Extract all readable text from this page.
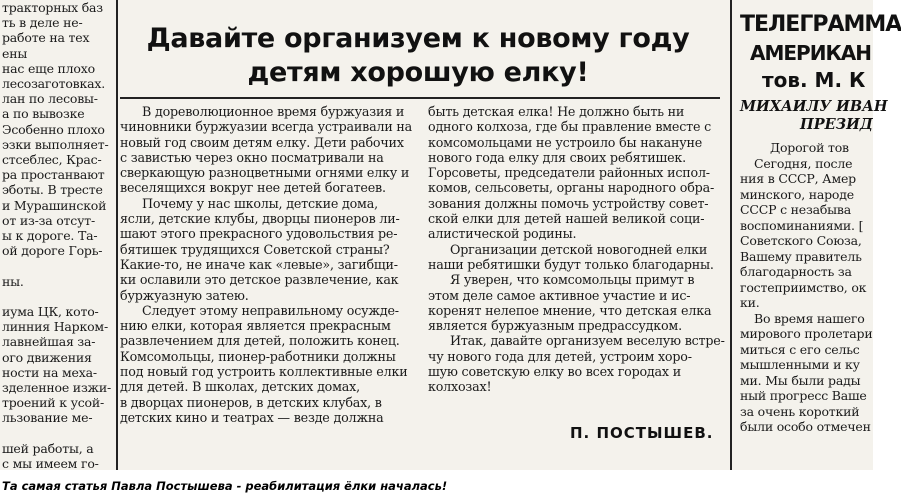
тракторных баз
ть в деле не-
работе на тех
ены
нас еще плохо
лесозаготовках.
лан по лесовы-
а по вывозке
Эсобенно плохо
эзки выполняет-
стсеблес, Краc-
ра простанвают
эботы. В тресте
и Мурашинской
от из-за отсут-
ы к дороге. Та-
ой дороге Горь-

ны.

иума ЦК, кото-
линния Нарком-
лавнейшая за-
ого движения
ности на меха-
зделенное изжи-
троений к усой-
льзование ме-

шей работы, а
с мы имеем го-
Давайте организуем к новому году
детям хорошую елку!
В дореволюционное время буржуазия и
чиновники буржуазии всегда устраивали на
новый год своим детям елку. Дети рабочих
с завистью через окно посматривали на
сверкающую разноцветными огнями елку и
веселящихся вокруг нее детей богатеев.
Почему у нас школы, детские дома,
ясли, детские клубы, дворцы пионеров ли-
шают этого прекрасного удовольствия ре-
бятишек трудящихся Советской страны?
Какие-то, не иначе как «левые», загибщи-
ки ославили это детское развлечение, как
буржуазную затею.
Следует этому неправильному осужде-
нию елки, которая является прекрасным
развлечением для детей, положить конец.
Комсомольцы, пионер-работники должны
под новый год устроить коллективные елки
для детей. В школах, детских домах,
в дворцах пионеров, в детских клубах, в
детских кино и театрах — везде должна
быть детская елка! Не должно быть ни
одного колхоза, где бы правление вместе с
комсомольцами не устроило бы накануне
нового года елку для своих ребятишек.
Горсоветы, председатели районных испол-
комов, сельсоветы, органы народного обра-
зования должны помочь устройству совет-
ской елки для детей нашей великой соци-
алистической родины.
Организации детской новогодней елки
наши ребятишки будут только благодарны.
Я уверен, что комсомольцы примут в
этом деле самое активное участие и ис-
коренят нелепое мнение, что детская елка
является буржуазным предрассудком.
Итак, давайте организуем веселую встре-
чу нового года для детей, устроим хоро-
шую советскую елку во всех городах и
колхозах!
П. ПОСТЫШЕВ.
ТЕЛЕГРАММА
АМЕРИКАН
тов. М. К
МИХАИЛУ ИВАН
ПРЕЗИД
Дорогой тов
Сегодня, после
ния в СССР, Амер
минского, народе
СССР с незабыва
воспоминаниями. [
Советского Союза,
Вашему правитель
благодарность за
гостеприимство, ок
ки.
Во время нашего
мирового пролетари
миться с его сельс
мышленными и ку
ми. Мы были рады
ный прогресс Ваше
за очень короткий
были особо отмечен
Та самая статья Павла Постышева - реабилитация ёлки началась!
